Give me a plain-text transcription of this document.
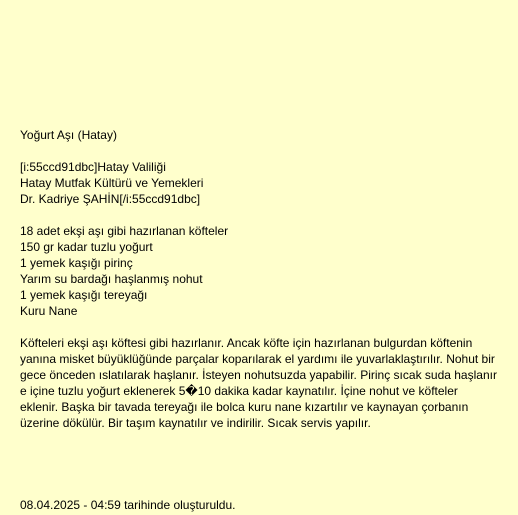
Yoğurt Aşı (Hatay)
[i:55ccd91dbc]Hatay Valiliği
Hatay Mutfak Kültürü ve Yemekleri
Dr. Kadriye ŞAHİN[/i:55ccd91dbc]
18 adet ekşi aşı gibi hazırlanan köfteler
150 gr kadar tuzlu yoğurt
1 yemek kaşığı pirinç
Yarım su bardağı haşlanmış nohut
1 yemek kaşığı tereyağı
Kuru Nane

Köfteleri ekşi aşı köftesi gibi hazırlanır. Ancak köfte için hazırlanan bulgurdan köftenin yanına misket büyüklüğünde parçalar koparılarak el yardımı ile yuvarlaklaştırılır. Nohut bir gece önceden ıslatılarak haşlanır. İsteyen nohutsuzda yapabilir. Pirinç sıcak suda haşlanır e içine tuzlu yoğurt eklenerek 5�10 dakika kadar kaynatılır. İçine nohut ve köfteler eklenir. Başka bir tavada tereyağı ile bolca kuru nane kızartılır ve kaynayan çorbanın üzerine dökülür. Bir taşım kaynatılır ve indirilir. Sıcak servis yapılır.

08.04.2025 - 04:59 tarihinde oluşturuldu.
